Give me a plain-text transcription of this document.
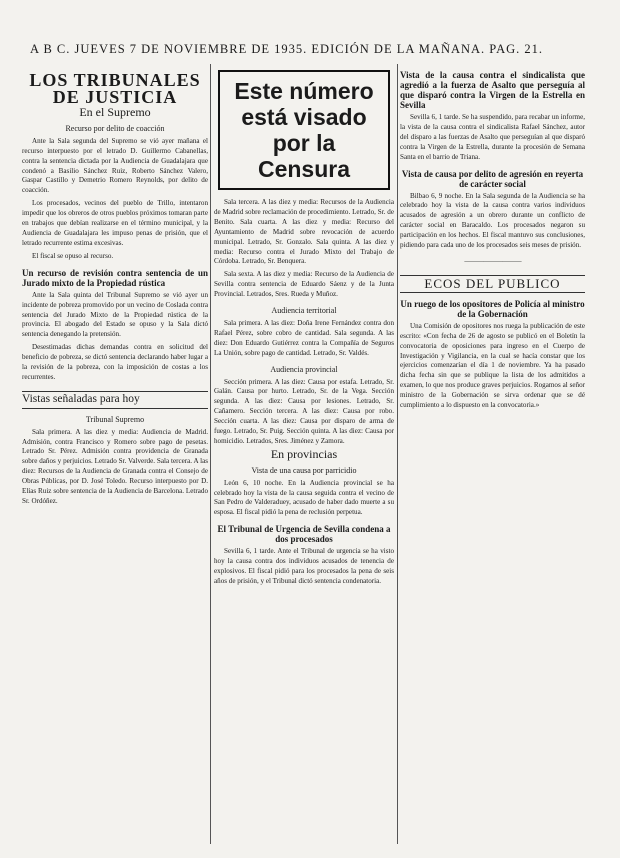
A B C. JUEVES 7 DE NOVIEMBRE DE 1935. EDICIÓN DE LA MAÑANA. PAG. 21.
LOS TRIBUNALES DE JUSTICIA
En el Supremo
Recurso por delito de coacción

Ante la Sala segunda del Supremo se vió ayer mañana el recurso interpuesto por el letrado D. Guillermo Cabanellas, contra la sentencia dictada por la Audiencia de Guadalajara que condenó a Basilio Sánchez Ruiz, Roberto Sánchez Valero, Gaspar Castillo y Demetrio Romero Reynolds, por delito de coacción.

Los procesados, vecinos del pueblo de Trillo, intentaron impedir que los obreros de otros pueblos próximos tomaran parte en trabajos que debían realizarse en el término municipal, y la Audiencia de Guadalajara les impuso penas de prisión, que el letrado recurrente estima excesivas.

El fiscal se opuso al recurso.

Un recurso de revisión contra sentencia de un Jurado mixto de la Propiedad rústica

Ante la Sala quinta del Tribunal Supremo se vió ayer un incidente de pobreza promovido por un vecino de Coslada contra sentencia del Jurado Mixto de la Propiedad rústica de la provincia. El abogado del Estado se opuso y la Sala dictó sentencia denegando la pretensión.

Desestimadas dichas demandas contra en solicitud del beneficio de pobreza, se dictó sentencia declarando haber lugar a la revisión de la pobreza, con la imposición de costas a los recurrentes.

Vistas señaladas para hoy
Tribunal Supremo

Sala primera. A las diez y media: Audiencia de Madrid. Admisión, contra Francisco y Romero sobre pago de pesetas. Letrado Sr. Pérez. Admisión contra providencia de Granada sobre daños y perjuicios. Letrado Sr. Valverde. Sala tercera. A las diez: Recursos de la Audiencia de Granada contra el Consejo de Obras Públicas, por D. José Toledo. Recurso interpuesto por D. Elías Ruiz sobre sentencia de la Audiencia de Barcelona. Letrado Sr. Ordóñez.

Este número está visado por la Censura

Sala tercera. A las diez y media: Recursos de la Audiencia de Madrid sobre reclamación de procedimiento. Letrado, Sr. de Benito. Sala cuarta. A las diez y media: Recurso del Ayuntamiento de Madrid sobre revocación de acuerdo municipal. Letrado, Sr. Gonzalo. Sala quinta. A las diez y media: Recurso contra el Jurado Mixto del Trabajo de Córdoba. Letrado, Sr. Benquera.

Sala sexta. A las diez y media: Recurso de la Audiencia de Sevilla contra sentencia de Eduardo Sáenz y de la Junta Provincial. Letrados, Sres. Rueda y Muñoz.

Audiencia territorial

Sala primera. A las diez: Doña Irene Fernández contra don Rafael Pérez, sobre cobro de cantidad. Sala segunda. A las diez: Don Eduardo Gutiérrez contra la Compañía de Seguros La Unión, sobre pago de cantidad. Letrado, Sr. Valdés.

Audiencia provincial

Sección primera. A las diez: Causa por estafa. Letrado, Sr. Galán. Causa por hurto. Letrado, Sr. de la Vega. Sección segunda. A las diez: Causa por lesiones. Letrado, Sr. Cañamero. Sección tercera. A las diez: Causa por robo. Sección cuarta. A las diez: Causa por disparo de arma de fuego. Letrado, Sr. Puig. Sección quinta. A las diez: Causa por homicidio. Letrados, Sres. Jiménez y Zamora.

En provincias
Vista de una causa por parricidio

León 6, 10 noche. En la Audiencia provincial se ha celebrado hoy la vista de la causa seguida contra el vecino de San Pedro de Valderaduey, acusado de haber dado muerte a su esposa. El fiscal pidió la pena de reclusión perpetua.

El Tribunal de Urgencia de Sevilla condena a dos procesados

Sevilla 6, 1 tarde. Ante el Tribunal de urgencia se ha visto hoy la causa contra dos individuos acusados de tenencia de explosivos. El fiscal pidió para los procesados la pena de seis años de prisión, y el Tribunal dictó sentencia condenatoria.

Vista de la causa contra el sindicalista que agredió a la fuerza de Asalto que perseguía al que disparó contra la Virgen de la Estrella en Sevilla

Sevilla 6, 1 tarde. Se ha suspendido, para recabar un informe, la vista de la causa contra el sindicalista Rafael Sánchez, autor del disparo a las fuerzas de Asalto que perseguían al que disparó contra la Virgen de la Estrella, durante la procesión de Semana Santa en el barrio de Triana.

Vista de causa por delito de agresión en reyerta de carácter social

Bilbao 6, 9 noche. En la Sala segunda de la Audiencia se ha celebrado hoy la vista de la causa contra varios individuos acusados de agresión a un obrero durante un conflicto de carácter social en Baracaldo. Los procesados negaron su participación en los hechos. El fiscal mantuvo sus conclusiones, pidiendo para cada uno de los procesados seis meses de prisión.

⸻⸻⸻
ECOS DEL PUBLICO
Un ruego de los opositores de Policía al ministro de la Gobernación

Una Comisión de opositores nos ruega la publicación de este escrito: «Con fecha de 26 de agosto se publicó en el Boletín la convocatoria de oposiciones para ingreso en el Cuerpo de Investigación y Vigilancia, en la cual se hacía constar que los ejercicios comenzarían el día 1 de noviembre. Ya ha pasado dicha fecha sin que se publique la lista de los admitidos a examen, lo que nos produce graves perjuicios. Rogamos al señor ministro de la Gobernación se sirva ordenar que se dé cumplimiento a lo dispuesto en la convocatoria.»
